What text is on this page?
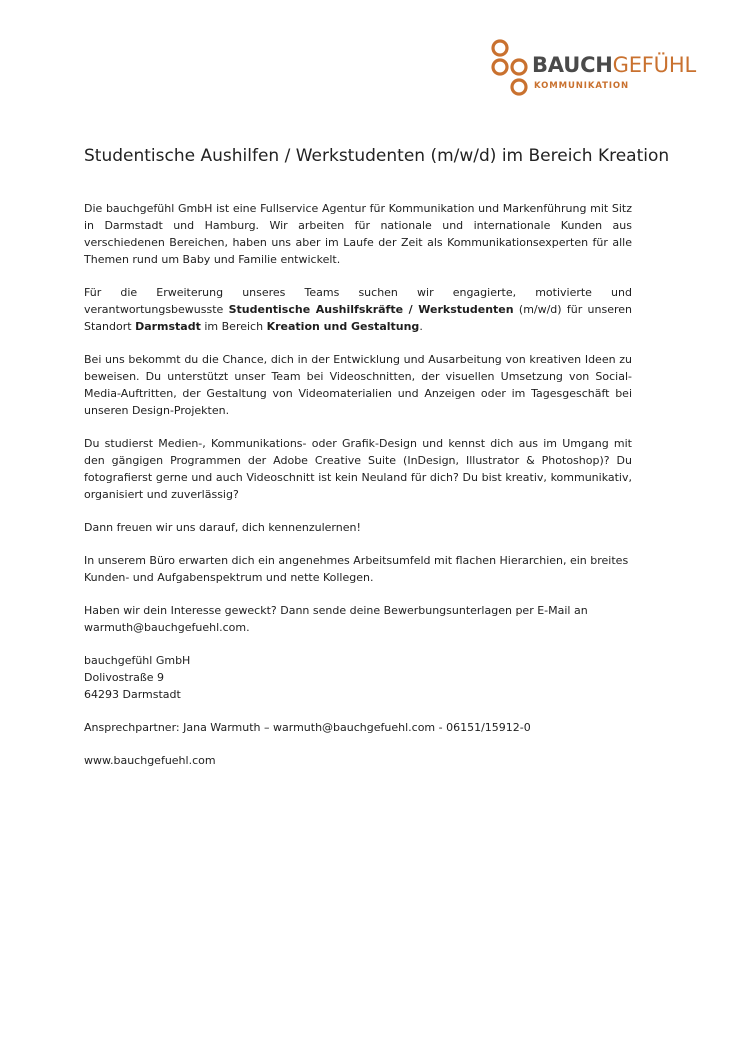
BAUCHGEFÜHL
KOMMUNIKATION
Studentische Aushilfen / Werkstudenten (m/w/d) im Bereich Kreation

Die bauchgefühl GmbH ist eine Fullservice Agentur für Kommunikation und Markenführung mit Sitz in Darmstadt und Hamburg. Wir arbeiten für nationale und internationale Kunden aus verschiedenen Bereichen, haben uns aber im Laufe der Zeit als Kommunikationsexperten für alle Themen rund um Baby und Familie entwickelt.

Für die Erweiterung unseres Teams suchen wir engagierte, motivierte und
verantwortungsbewusste Studentische Aushilfskräfte / Werkstudenten (m/w/d) für unseren Standort Darmstadt im Bereich Kreation und Gestaltung.

Bei uns bekommt du die Chance, dich in der Entwicklung und Ausarbeitung von kreativen Ideen zu beweisen. Du unterstützt unser Team bei Videoschnitten, der visuellen Umsetzung von Social-Media-Auftritten, der Gestaltung von Videomaterialien und Anzeigen oder im Tagesgeschäft bei unseren Design-Projekten.

Du studierst Medien-, Kommunikations- oder Grafik-Design und kennst dich aus im Umgang mit den gängigen Programmen der Adobe Creative Suite (InDesign, Illustrator & Photoshop)? Du fotografierst gerne und auch Videoschnitt ist kein Neuland für dich? Du bist kreativ, kommunikativ, organisiert und zuverlässig?

Dann freuen wir uns darauf, dich kennenzulernen!

In unserem Büro erwarten dich ein angenehmes Arbeitsumfeld mit flachen Hierarchien, ein breites Kunden- und Aufgabenspektrum und nette Kollegen.

Haben wir dein Interesse geweckt? Dann sende deine Bewerbungsunterlagen per E-Mail an warmuth@bauchgefuehl.com.

bauchgefühl GmbH
Dolivostraße 9
64293 Darmstadt

Ansprechpartner: Jana Warmuth – warmuth@bauchgefuehl.com - 06151/15912-0

www.bauchgefuehl.com
